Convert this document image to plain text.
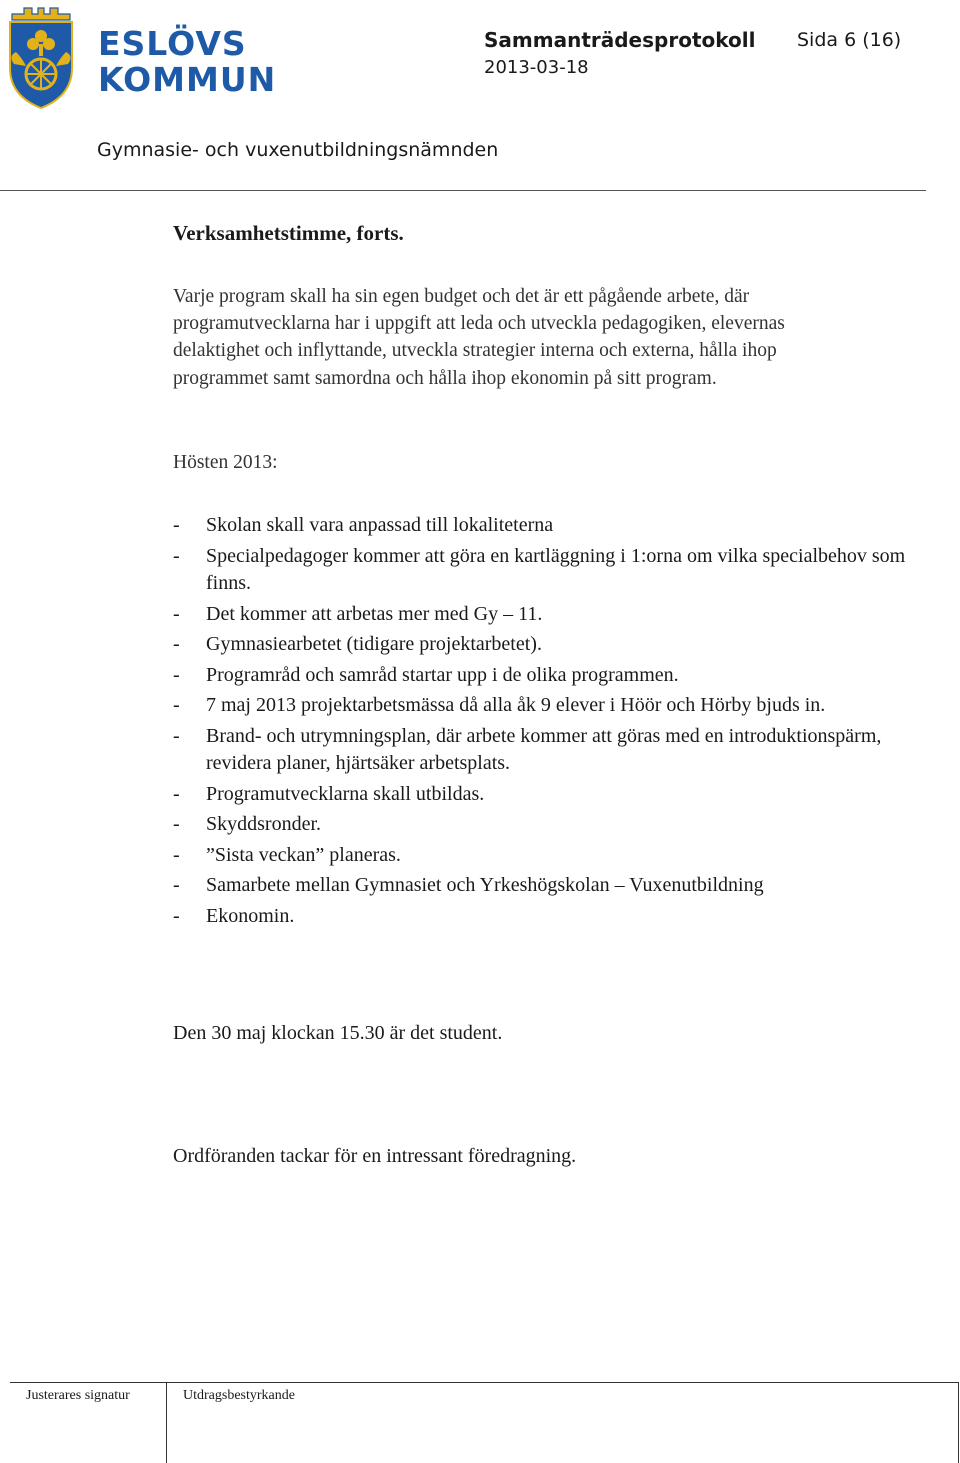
ESLÖVS
KOMMUN
Sammanträdesprotokoll Sida 6 (16)
2013-03-18
Gymnasie- och vuxenutbildningsnämnden
Verksamhetstimme, forts.
Varje program skall ha sin egen budget och det är ett pågående arbete, där programutvecklarna har i uppgift att leda och utveckla pedagogiken, elevernas delaktighet och inflyttande, utveckla strategier interna och externa, hålla ihop programmet samt samordna och hålla ihop ekonomin på sitt program.
Hösten 2013:
- Skolan skall vara anpassad till lokaliteterna
- Specialpedagoger kommer att göra en kartläggning i 1:orna om vilka specialbehov som finns.
- Det kommer att arbetas mer med Gy – 11.
- Gymnasiearbetet (tidigare projektarbetet).
- Programråd och samråd startar upp i de olika programmen.
- 7 maj 2013 projektarbetsmässa då alla åk 9 elever i Höör och Hörby bjuds in.
- Brand- och utrymningsplan, där arbete kommer att göras med en introduktionspärm, revidera planer, hjärtsäker arbetsplats.
- Programutvecklarna skall utbildas.
- Skyddsronder.
- ”Sista veckan” planeras.
- Samarbete mellan Gymnasiet och Yrkeshögskolan – Vuxenutbildning
- Ekonomin.
Den 30 maj klockan 15.30 är det student.
Ordföranden tackar för en intressant föredragning.
Justerares signatur	Utdragsbestyrkande
